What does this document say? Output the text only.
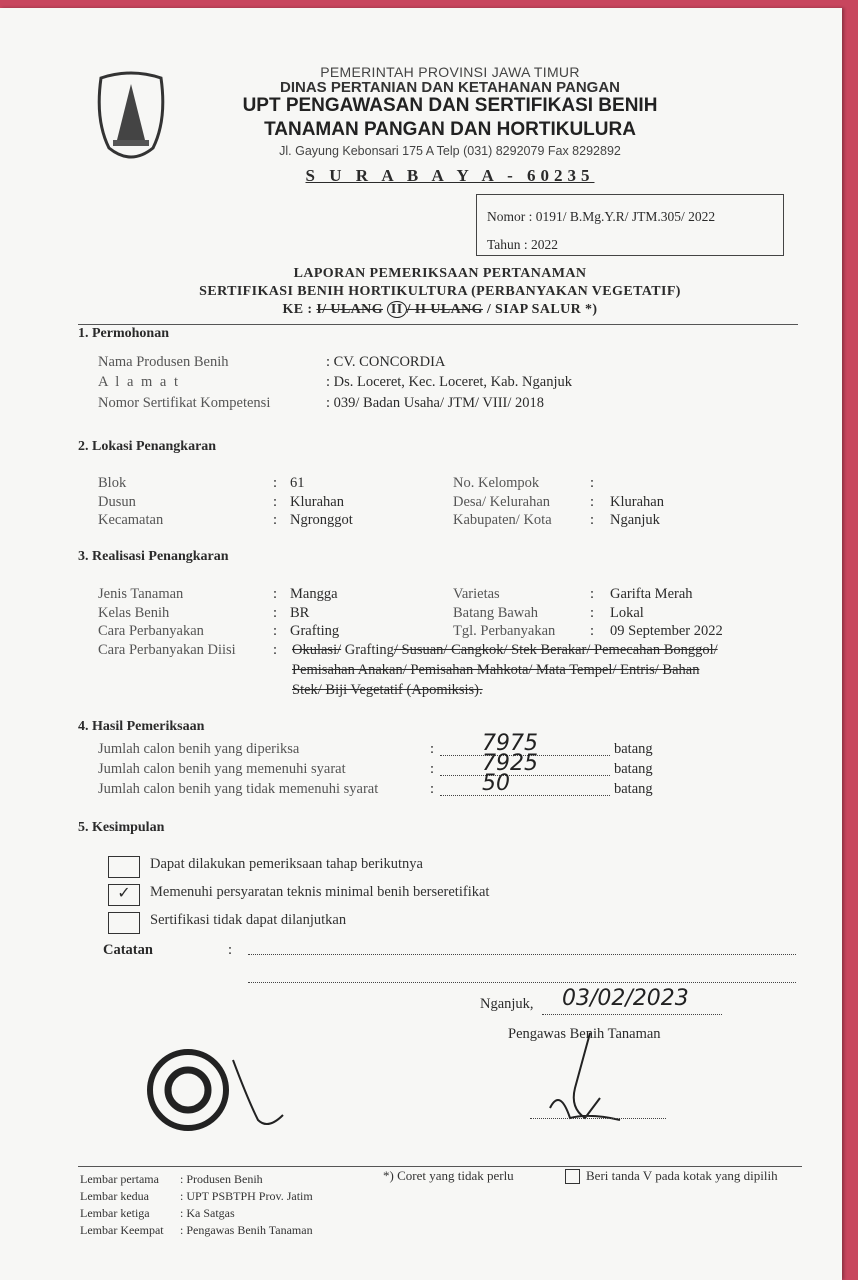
PEMERINTAH PROVINSI JAWA TIMUR
DINAS PERTANIAN DAN KETAHANAN PANGAN
UPT PENGAWASAN DAN SERTIFIKASI BENIH
TANAMAN PANGAN DAN HORTIKULURA
Jl. Gayung Kebonsari 175 A Telp (031) 8292079 Fax 8292892
S U R A B A Y A - 60235
Nomor : 0191/ B.Mg.Y.R/ JTM.305/ 2022
Tahun : 2022
LAPORAN PEMERIKSAAN PERTANAMAN
SERTIFIKASI BENIH HORTIKULTURA (PERBANYAKAN VEGETATIF)
KE : I/ ULANG II / II ULANG / SIAP SALUR *)
1. Permohonan
Nama Produsen Benih	: CV. CONCORDIA
A l a m a t	: Ds. Loceret, Kec. Loceret, Kab. Nganjuk
Nomor Sertifikat Kompetensi	: 039/ Badan Usaha/ JTM/ VIII/ 2018
2. Lokasi Penangkaran
3. Realisasi Penangkaran
Cara Perbanyakan Diisi	: Okulasi/ Grafting/ Susuan/ Cangkok/ Stek Berakar/ Pemecahan Bonggol/
Pemisahan Anakan/ Pemisahan Mahkota/ Mata Tempel/ Entris/ Bahan
Stek/ Biji Vegetatif (Apomiksis).
4. Hasil Pemeriksaan
5. Kesimpulan
Catatan	:
Nganjuk, 03/02/2023
Pengawas Benih Tanaman
*) Coret yang tidak perlu	Beri tanda V pada kotak yang dipilih
Blok	: 61	No. Kelompok	:
Dusun	: Klurahan	Desa/ Kelurahan	: Klurahan
Kecamatan	: Ngronggot	Kabupaten/ Kota	: Nganjuk
Jenis Tanaman	: Mangga	Varietas	: Garifta Merah
Kelas Benih	: BR	Batang Bawah	: Lokal
Cara Perbanyakan	: Grafting	Tgl. Perbanyakan : 09 September 2022
Jumlah calon benih yang diperiksa	: 7975	batang
Jumlah calon benih yang memenuhi syarat	: 7925	batang
Jumlah calon benih yang tidak memenuhi syarat	: 50	batang
Dapat dilakukan pemeriksaan tahap berikutnya
✓	Memenuhi persyaratan teknis minimal benih berseretifikat
Sertifikasi tidak dapat dilanjutkan
Lembar pertama : Produsen Benih
Lembar kedua	: UPT PSBTPH Prov. Jatim
Lembar ketiga	: Ka Satgas
Lembar Keempat : Pengawas Benih Tanaman
